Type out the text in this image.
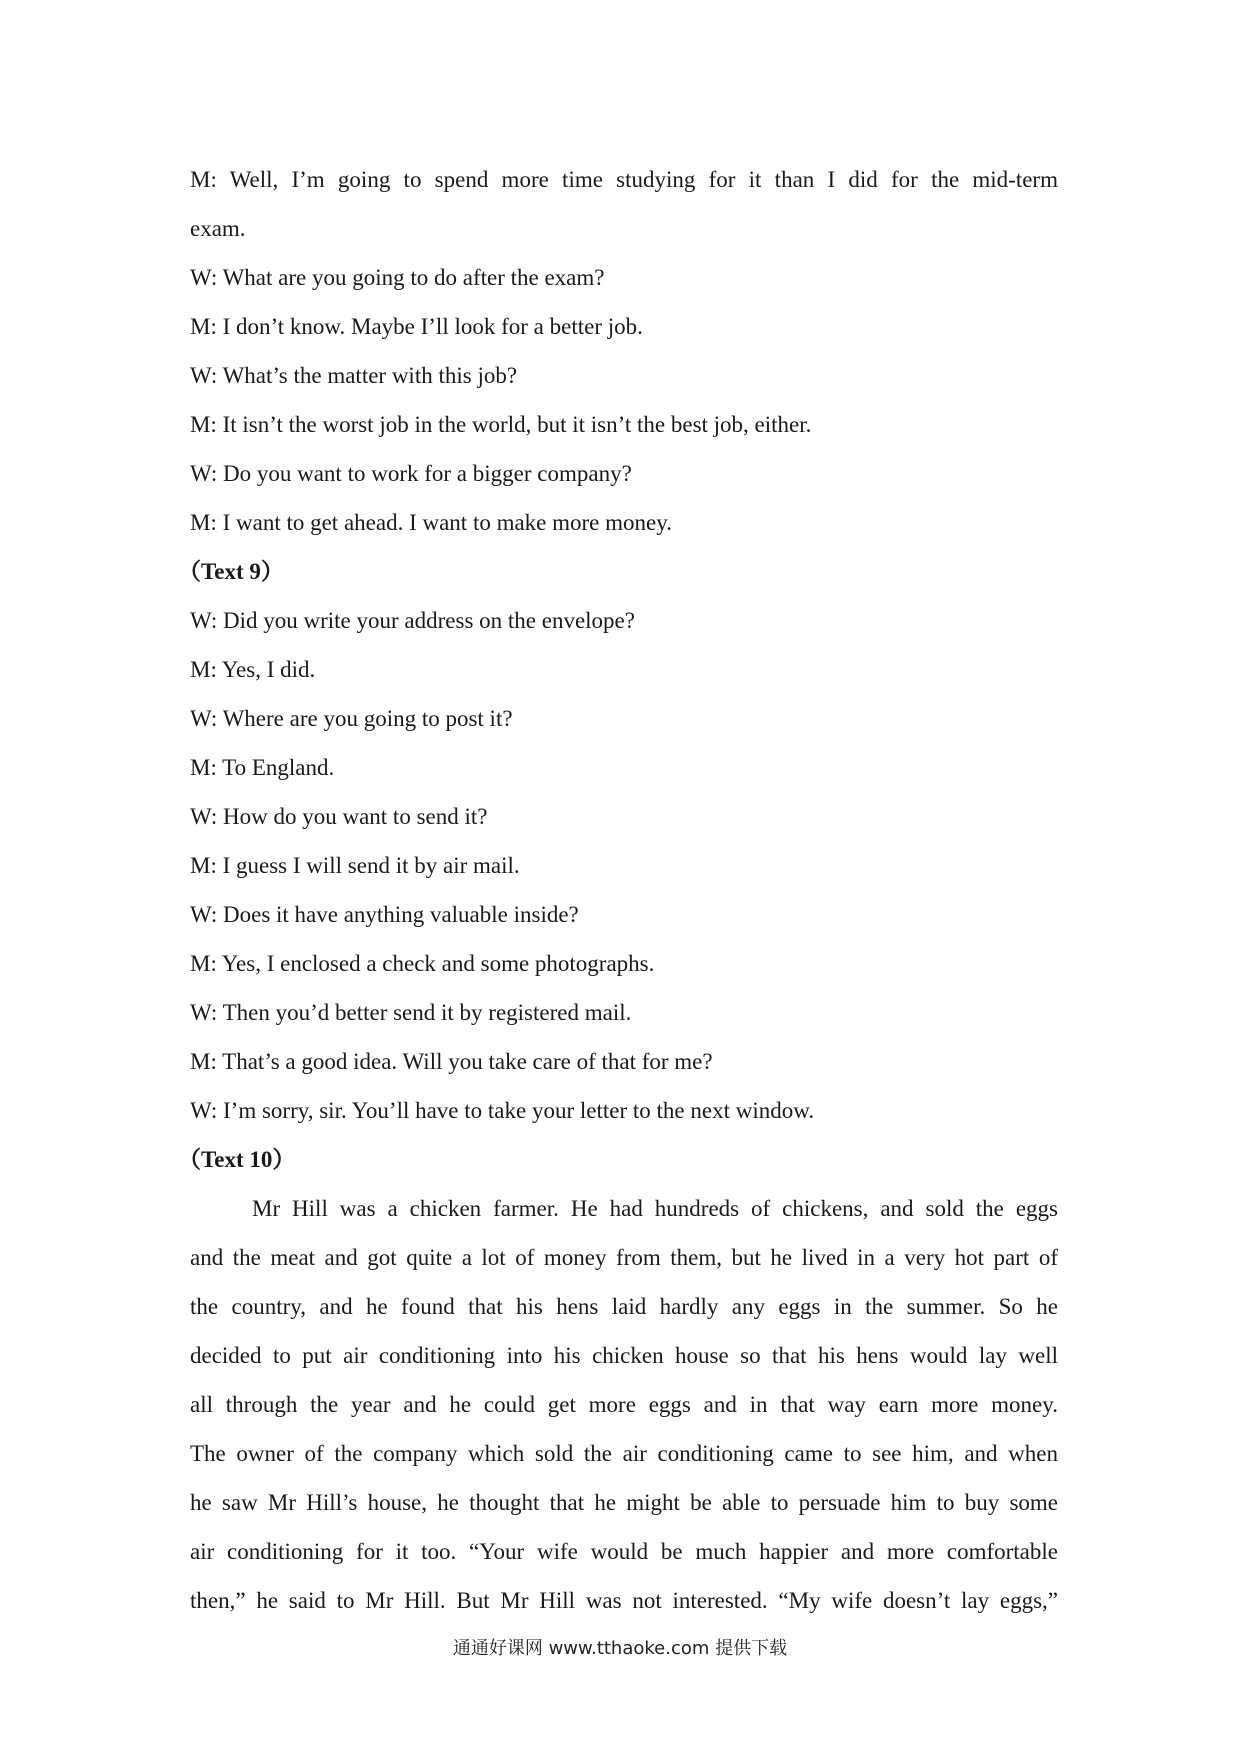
M: Well, I’m going to spend more time studying for it than I did for the mid-term
exam.
W: What are you going to do after the exam?
M: I don’t know. Maybe I’ll look for a better job.
W: What’s the matter with this job?
M: It isn’t the worst job in the world, but it isn’t the best job, either.
W: Do you want to work for a bigger company?
M: I want to get ahead. I want to make more money.
（Text 9）
W: Did you write your address on the envelope?
M: Yes, I did.
W: Where are you going to post it?
M: To England.
W: How do you want to send it?
M: I guess I will send it by air mail.
W: Does it have anything valuable inside?
M: Yes, I enclosed a check and some photographs.
W: Then you’d better send it by registered mail.
M: That’s a good idea. Will you take care of that for me?
W: I’m sorry, sir. You’ll have to take your letter to the next window.
（Text 10）
Mr Hill was a chicken farmer. He had hundreds of chickens, and sold the eggs
and the meat and got quite a lot of money from them, but he lived in a very hot part of
the country, and he found that his hens laid hardly any eggs in the summer. So he
decided to put air conditioning into his chicken house so that his hens would lay well
all through the year and he could get more eggs and in that way earn more money.
The owner of the company which sold the air conditioning came to see him, and when
he saw Mr Hill’s house, he thought that he might be able to persuade him to buy some
air conditioning for it too. “Your wife would be much happier and more comfortable
then,” he said to Mr Hill. But Mr Hill was not interested. “My wife doesn’t lay eggs,”
通通好课网 www.tthaoke.com 提供下载
